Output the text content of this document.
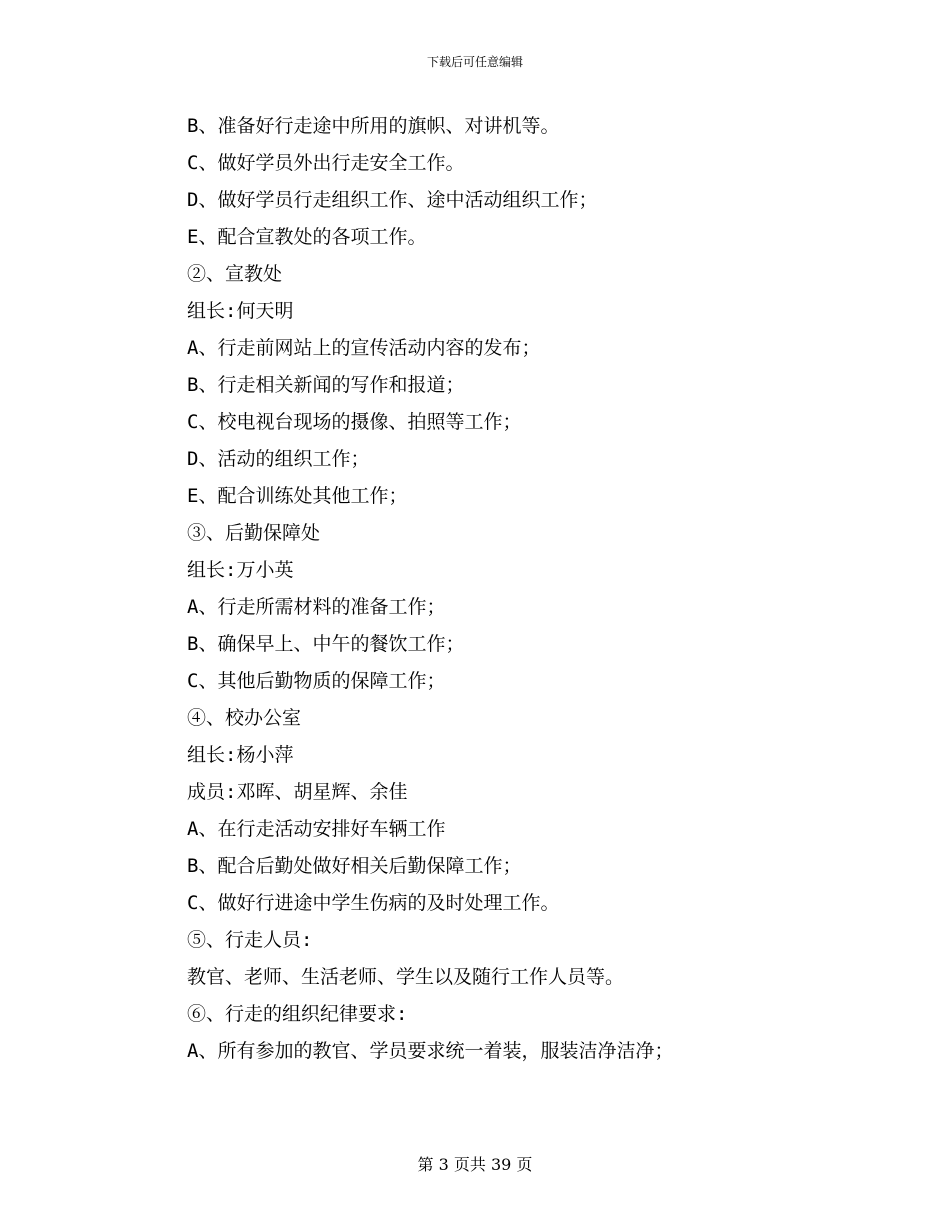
下载后可任意编辑
B、准备好行走途中所用的旗帜、对讲机等。
C、做好学员外出行走安全工作。
D、做好学员行走组织工作、途中活动组织工作；
E、配合宣教处的各项工作。
②、宣教处
组长:何天明
A、行走前网站上的宣传活动内容的发布；
B、行走相关新闻的写作和报道；
C、校电视台现场的摄像、拍照等工作；
D、活动的组织工作；
E、配合训练处其他工作；
③、后勤保障处
组长:万小英
A、行走所需材料的准备工作；
B、确保早上、中午的餐饮工作；
C、其他后勤物质的保障工作；
④、校办公室
组长:杨小萍
成员:邓晖、胡星辉、余佳
A、在行走活动安排好车辆工作
B、配合后勤处做好相关后勤保障工作；
C、做好行进途中学生伤病的及时处理工作。
⑤、行走人员:
教官、老师、生活老师、学生以及随行工作人员等。
⑥、行走的组织纪律要求:
A、所有参加的教官、学员要求统一着装，服装洁净洁净；
第 3 页共 39 页
